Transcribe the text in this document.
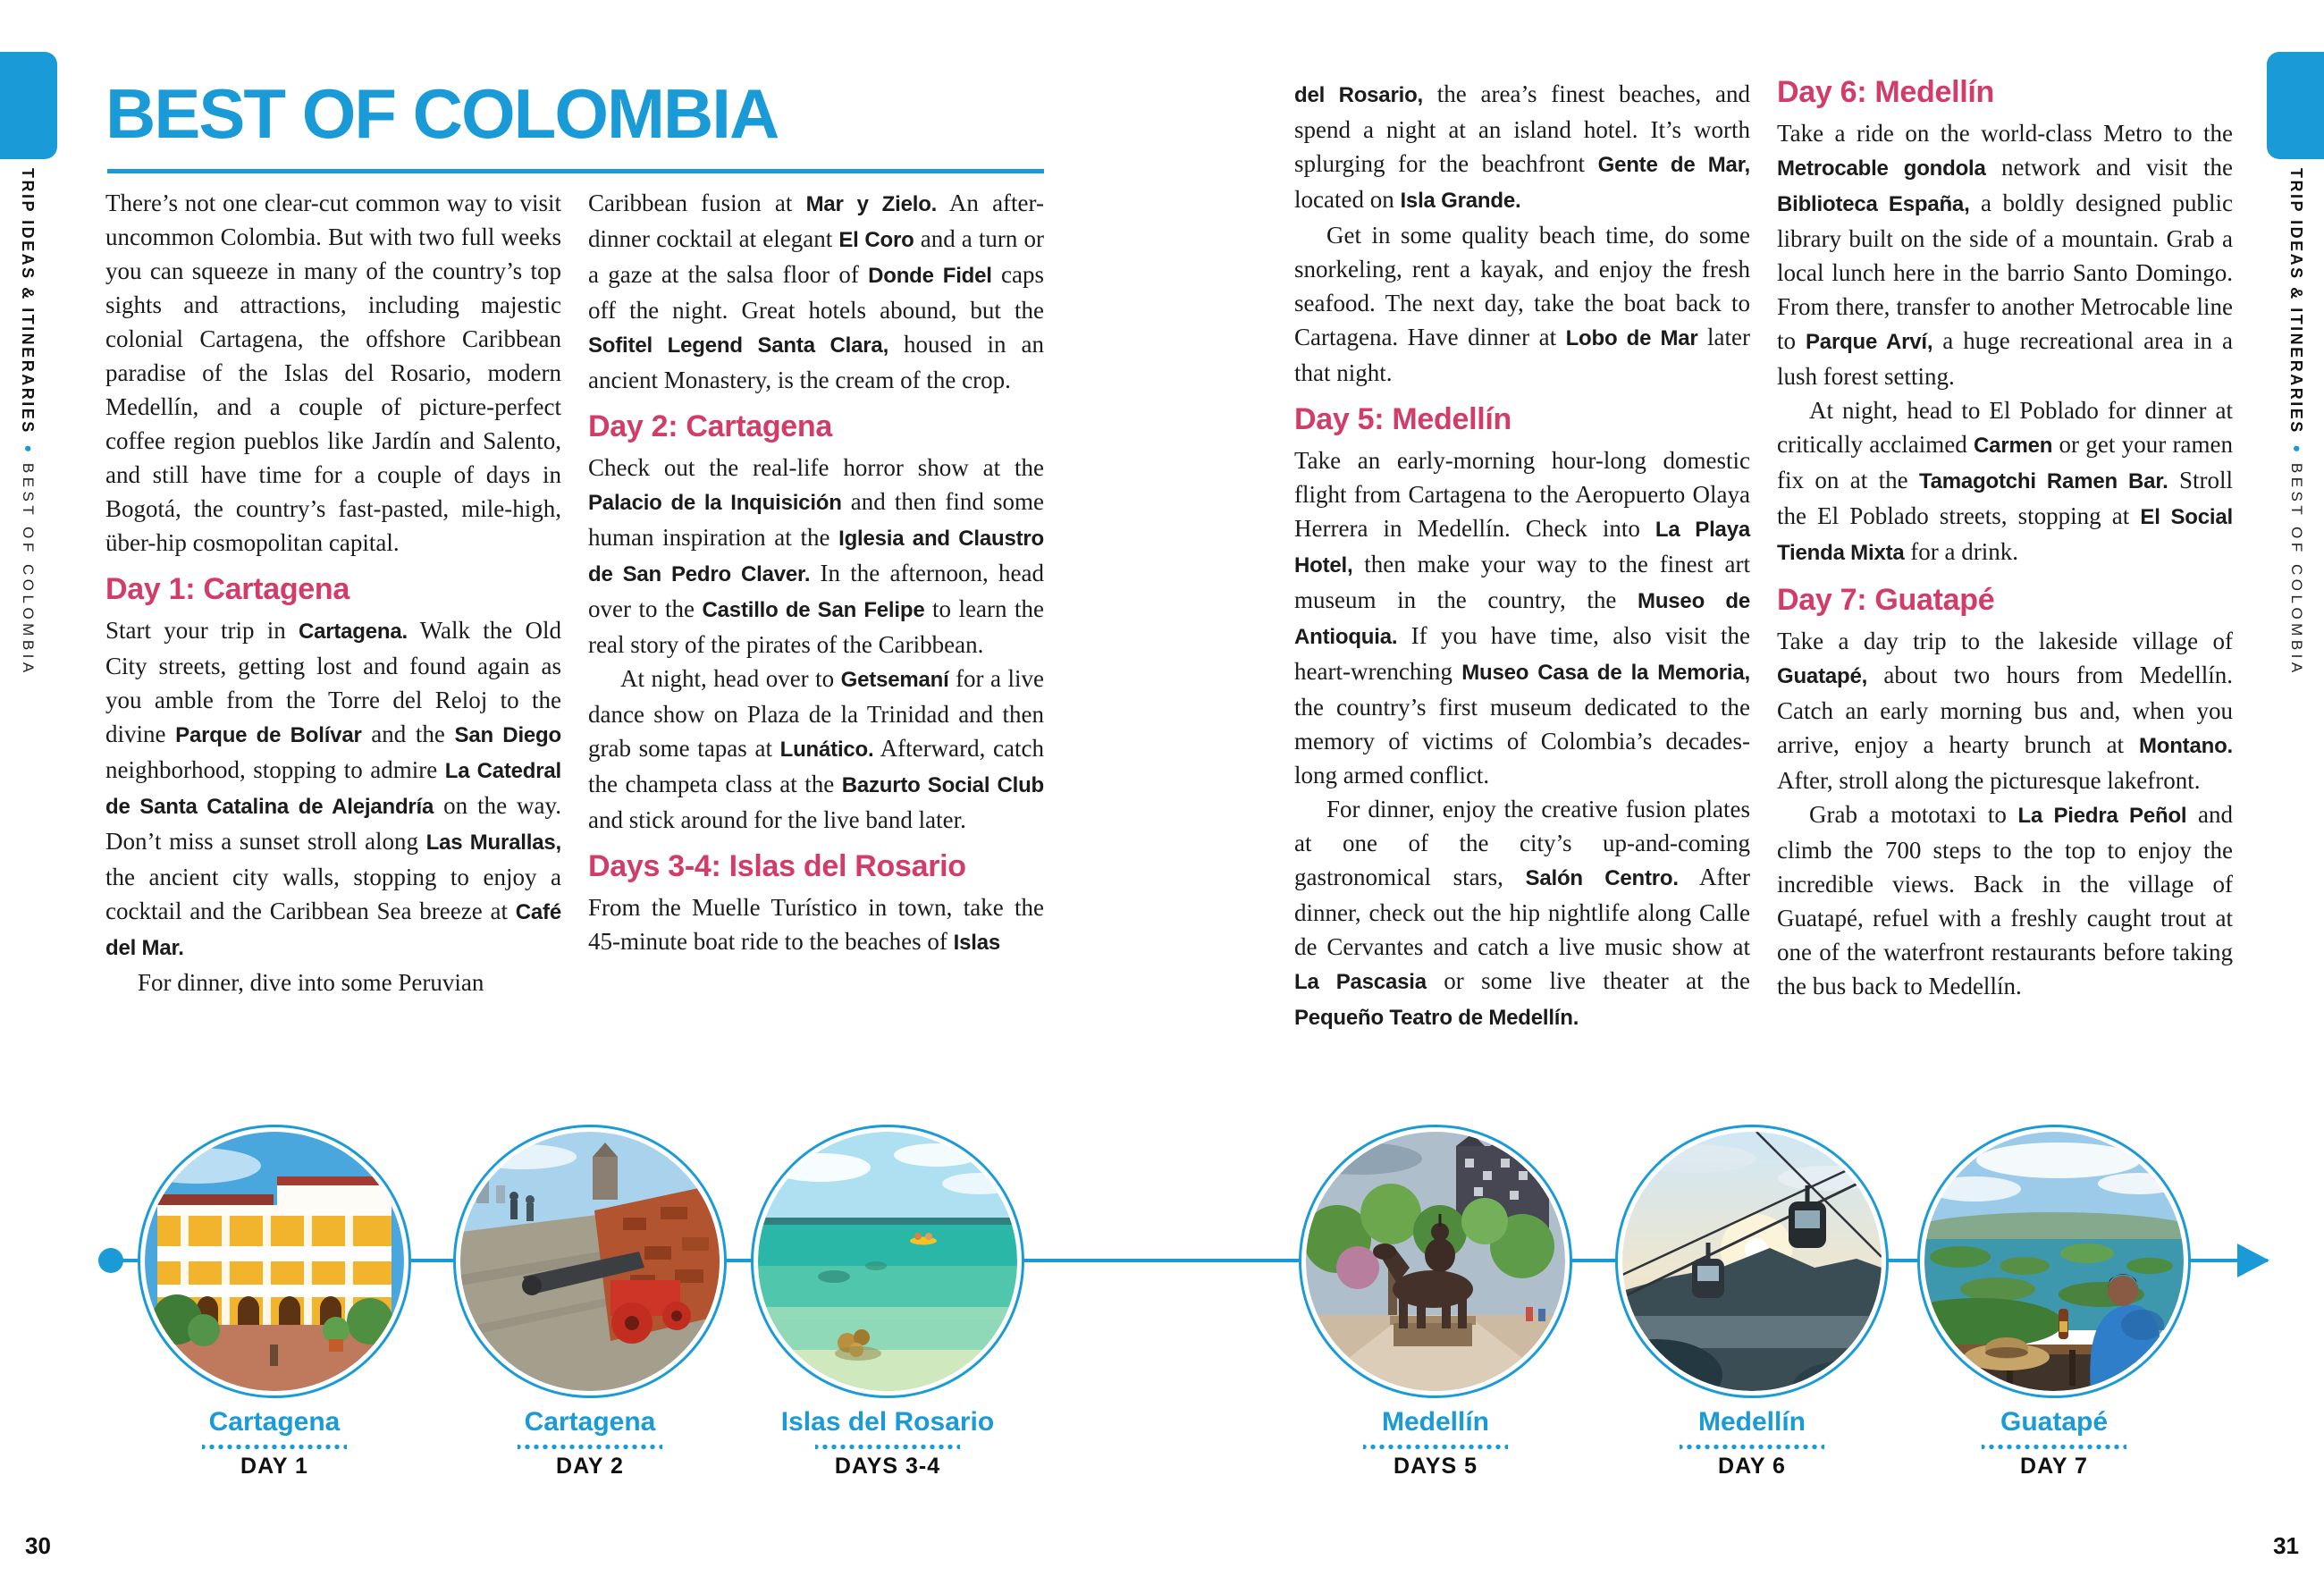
TRIP IDEAS & ITINERARIES  •  BEST OF COLOMBIA
TRIP IDEAS & ITINERARIES  •  BEST OF COLOMBIA
BEST OF COLOMBIA

There’s not one clear-cut common way to visit uncommon Colombia. But with two full weeks you can squeeze in many of the country’s top sights and attractions, including majestic colonial Cartagena, the offshore Caribbean paradise of the Islas del Rosario, modern Medellín, and a couple of picture-perfect coffee region pueblos like Jardín and Salento, and still have time for a couple of days in Bogotá, the country’s fast-pasted, mile-high, über-hip cosmopolitan capital.

Day 1: Cartagena

Start your trip in Cartagena. Walk the Old City streets, getting lost and found again as you amble from the Torre del Reloj to the divine Parque de Bolívar and the San Diego neighborhood, stopping to admire La Catedral de Santa Catalina de Alejandría on the way. Don’t miss a sunset stroll along Las Murallas, the ancient city walls, stopping to enjoy a cocktail and the Caribbean Sea breeze at Café del Mar.

For dinner, dive into some Peruvian

Caribbean fusion at Mar y Zielo. An after-dinner cocktail at elegant El Coro and a turn or a gaze at the salsa floor of Donde Fidel caps off the night. Great hotels abound, but the Sofitel Legend Santa Clara, housed in an ancient Monastery, is the cream of the crop.

Day 2: Cartagena

Check out the real-life horror show at the Palacio de la Inquisición and then find some human inspiration at the Iglesia and Claustro de San Pedro Claver. In the afternoon, head over to the Castillo de San Felipe to learn the real story of the pirates of the Caribbean.

At night, head over to Getsemaní for a live dance show on Plaza de la Trinidad and then grab some tapas at Lunático. Afterward, catch the champeta class at the Bazurto Social Club and stick around for the live band later.

Days 3-4: Islas del Rosario

From the Muelle Turístico in town, take the 45-minute boat ride to the beaches of Islas

del Rosario, the area’s finest beaches, and spend a night at an island hotel. It’s worth splurging for the beachfront Gente de Mar, located on Isla Grande.

Get in some quality beach time, do some snorkeling, rent a kayak, and enjoy the fresh seafood. The next day, take the boat back to Cartagena. Have dinner at Lobo de Mar later that night.

Day 5: Medellín

Take an early-morning hour-long domestic flight from Cartagena to the Aeropuerto Olaya Herrera in Medellín. Check into La Playa Hotel, then make your way to the finest art museum in the country, the Museo de Antioquia. If you have time, also visit the heart-wrenching Museo Casa de la Memoria, the country’s first museum dedicated to the memory of victims of Colombia’s decades-long armed conflict.

For dinner, enjoy the creative fusion plates at one of the city’s up-and-coming gastronomical stars, Salón Centro. After dinner, check out the hip nightlife along Calle de Cervantes and catch a live music show at La Pascasia or some live theater at the Pequeño Teatro de Medellín.

Day 6: Medellín

Take a ride on the world-class Metro to the Metrocable gondola network and visit the Biblioteca España, a boldly designed public library built on the side of a mountain. Grab a local lunch here in the barrio Santo Domingo. From there, transfer to another Metrocable line to Parque Arví, a huge recreational area in a lush forest setting.

At night, head to El Poblado for dinner at critically acclaimed Carmen or get your ramen fix on at the Tamagotchi Ramen Bar. Stroll the El Poblado streets, stopping at El Social Tienda Mixta for a drink.

Day 7: Guatapé

Take a day trip to the lakeside village of Guatapé, about two hours from Medellín. Catch an early morning bus and, when you arrive, enjoy a hearty brunch at Montano. After, stroll along the picturesque lakefront.

Grab a mototaxi to La Piedra Peñol and climb the 700 steps to the top to enjoy the incredible views. Back in the village of Guatapé, refuel with a freshly caught trout at one of the waterfront restaurants before taking the bus back to Medellín.

Cartagena
DAY 1
Cartagena
DAY 2
Islas del Rosario
DAYS 3-4
Medellín
DAYS 5
Medellín
DAY 6
Guatapé
DAY 7
30	31
